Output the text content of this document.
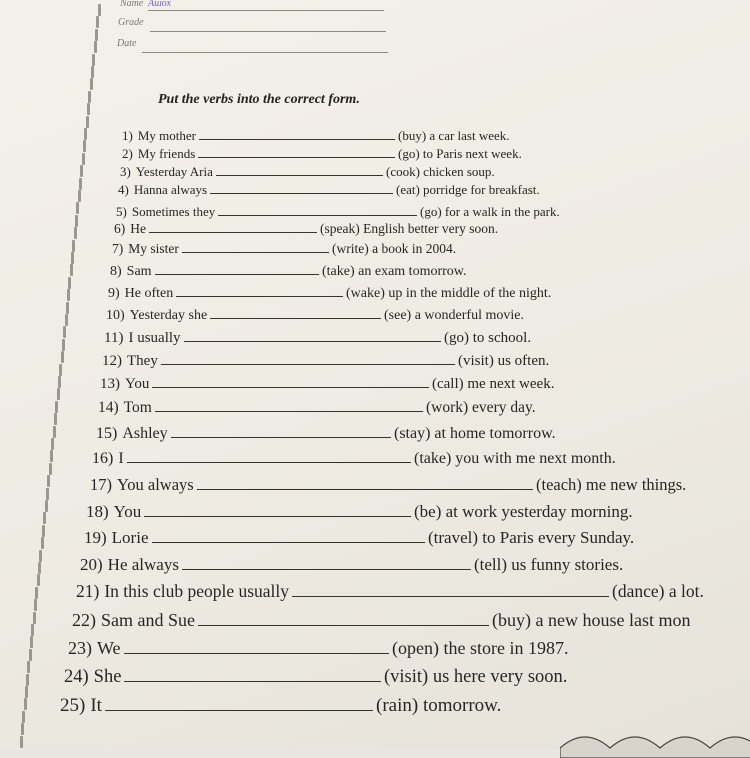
Name Ашох
Grade
Date
Put the verbs into the correct form.
1) My mother	(buy) a car last week.
2) My friends	(go) to Paris next week.
3) Yesterday Aria	(cook) chicken soup.
4) Hanna always	(eat) porridge for breakfast.
5) Sometimes they	(go) for a walk in the park.
6) He	(speak) English better very soon.
7) My sister	(write) a book in 2004.
8) Sam	(take) an exam tomorrow.
9) He often	(wake) up in the middle of the night.
10) Yesterday she	(see) a wonderful movie.
11) I usually	(go) to school.
12) They	(visit) us often.
13) You	(call) me next week.
14) Tom	(work) every day.
15) Ashley	(stay) at home tomorrow.
16) I	(take) you with me next month.
17) You always	(teach) me new things.
18) You	(be) at work yesterday morning.
19) Lorie	(travel) to Paris every Sunday.
20) He always	(tell) us funny stories.
21) In this club people usually	(dance) a lot.
22) Sam and Sue	(buy) a new house last mon
23) We	(open) the store in 1987.
24) She	(visit) us here very soon.
25) It	(rain) tomorrow.
